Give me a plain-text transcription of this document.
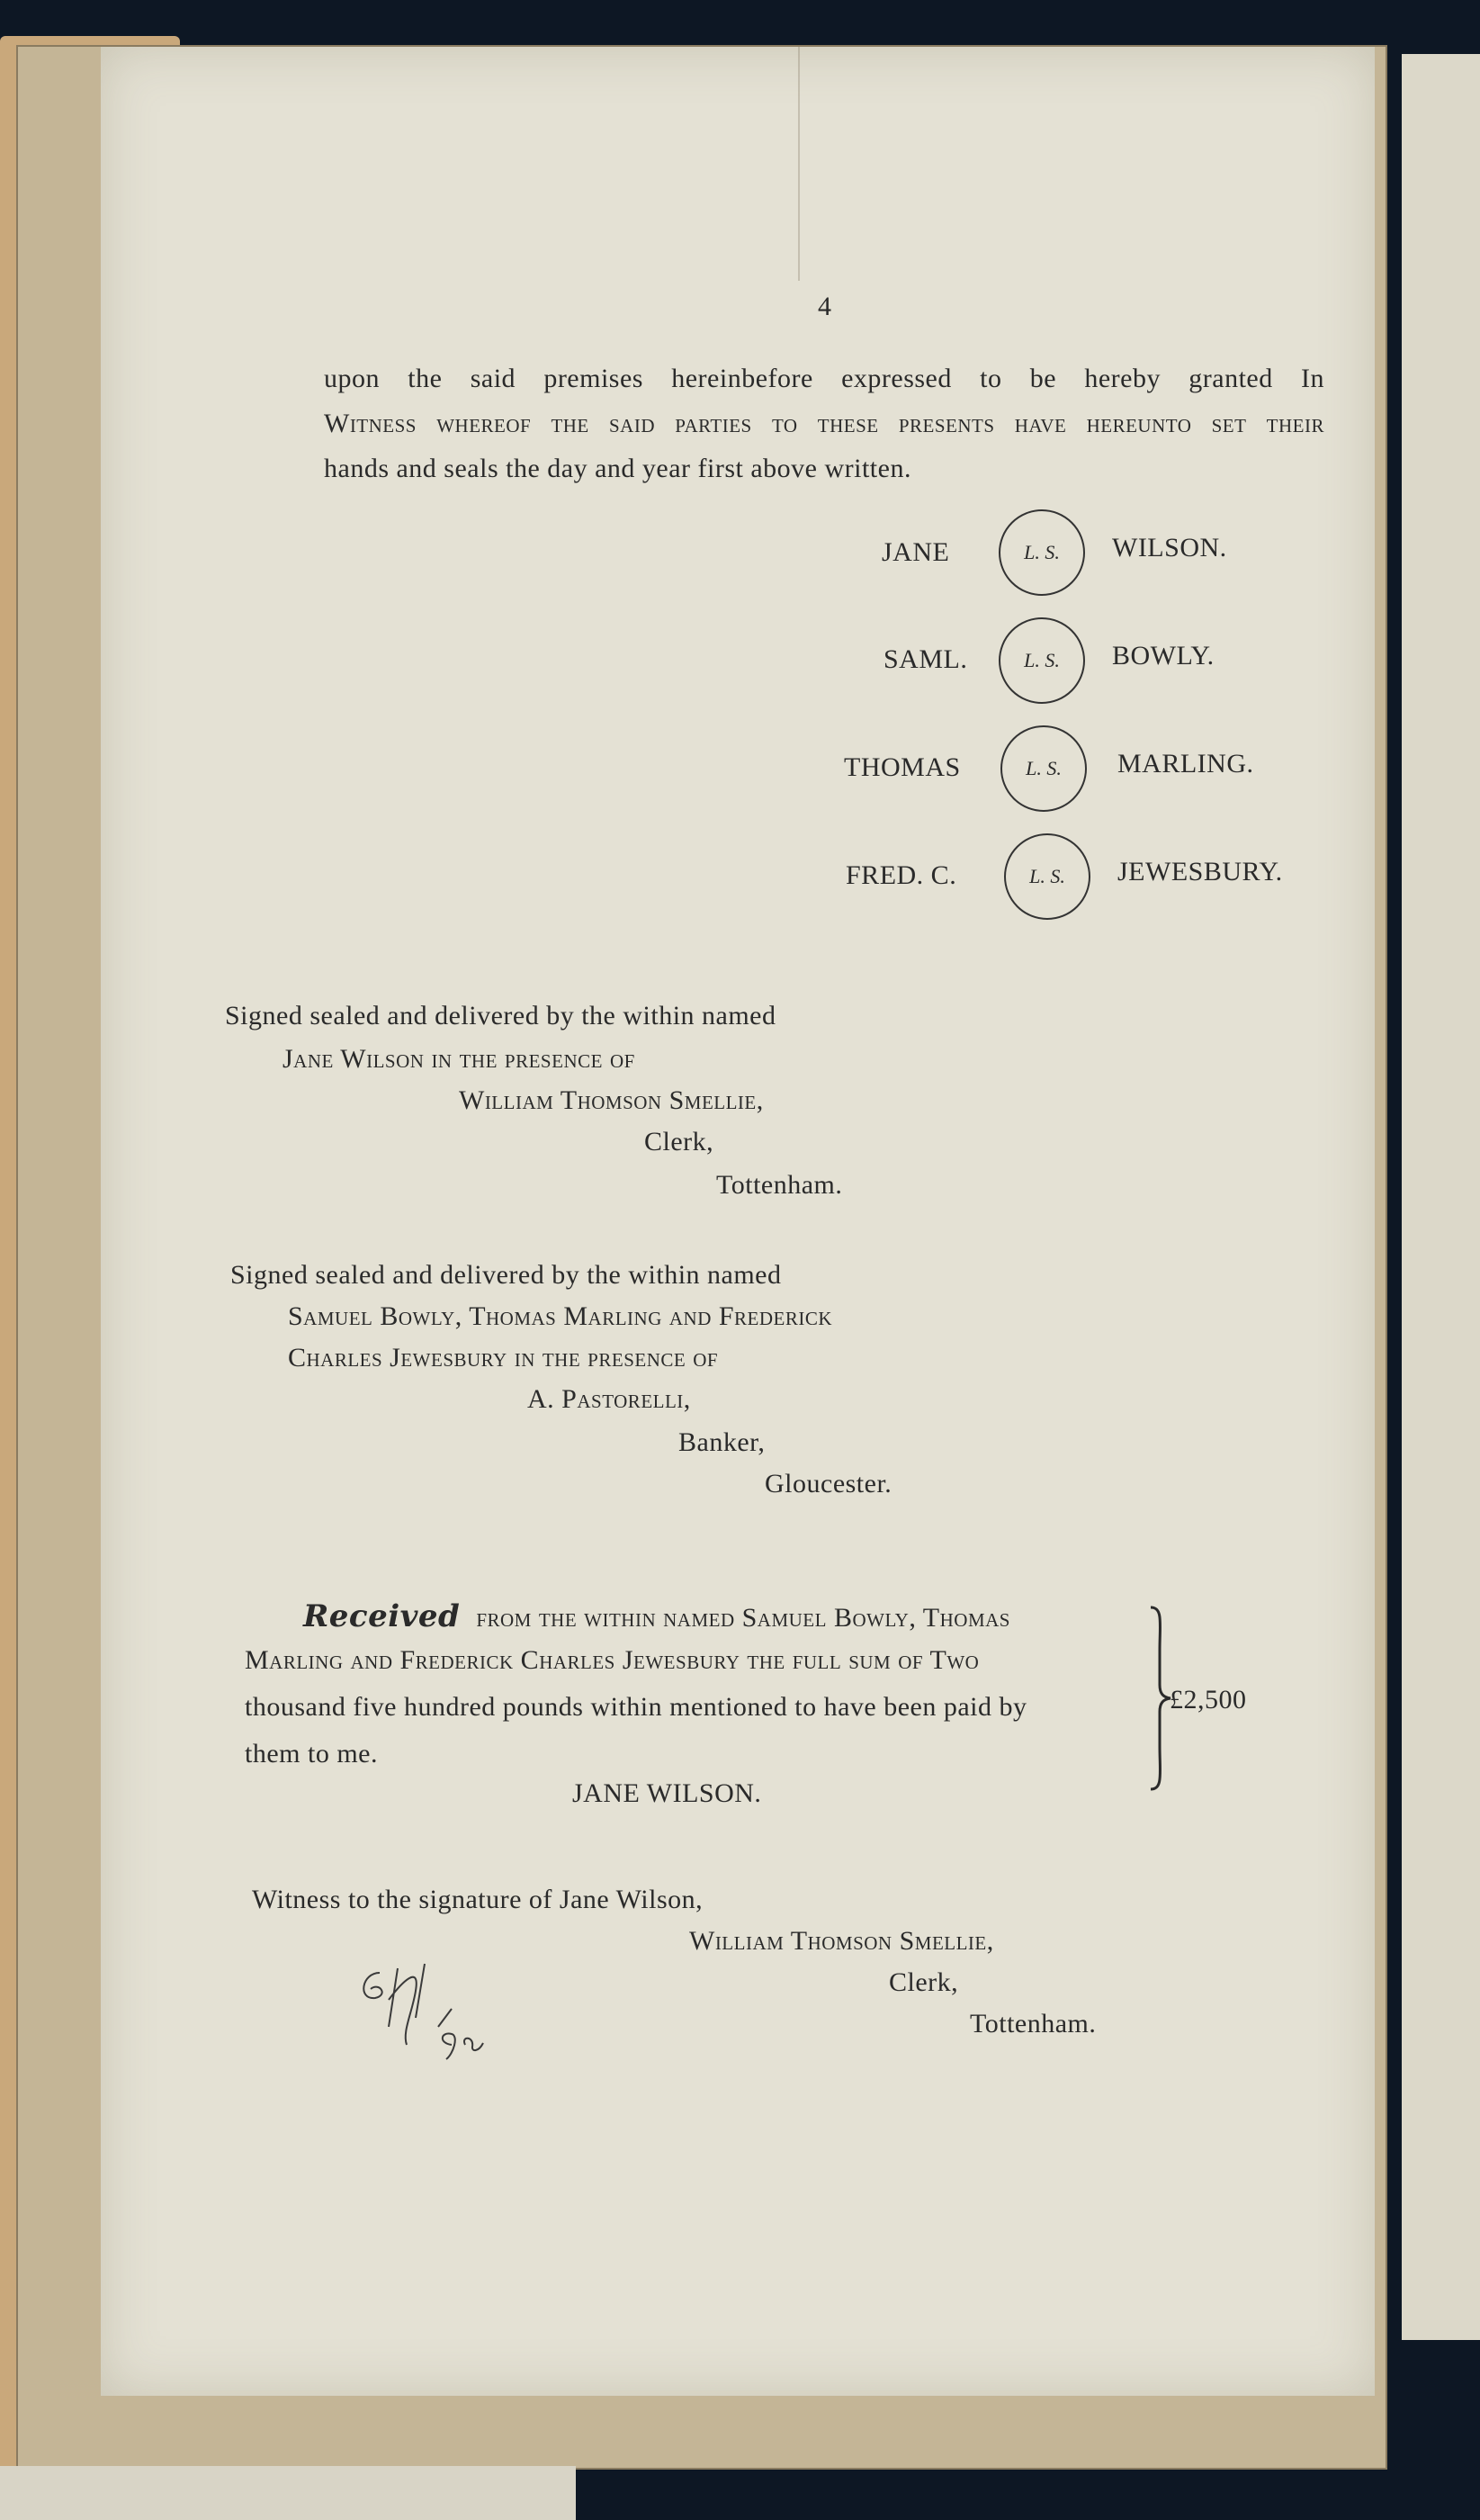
4
upon the said premises hereinbefore expressed to be hereby granted In
Witness whereof the said parties to these presents have hereunto set their
hands and seals the day and year first above written.
JANE	L. S. WILSON.
SAML.	L. S. BOWLY.
THOMAS	L. S. MARLING.
FRED. C.	L. S. JEWESBURY.
Signed sealed and delivered by the within named
Jane Wilson in the presence of
William Thomson Smellie,
Clerk,
Tottenham.
Signed sealed and delivered by the within named
Samuel Bowly, Thomas Marling and Frederick
Charles Jewesbury in the presence of
A. Pastorelli,
Banker,
Gloucester.
Received from the within named Samuel Bowly, Thomas
Marling and Frederick Charles Jewesbury the full sum of Two
thousand five hundred pounds within mentioned to have been paid by
them to me.
JANE WILSON.
£2,500
Witness to the signature of Jane Wilson,
William Thomson Smellie,
Clerk,
Tottenham.
